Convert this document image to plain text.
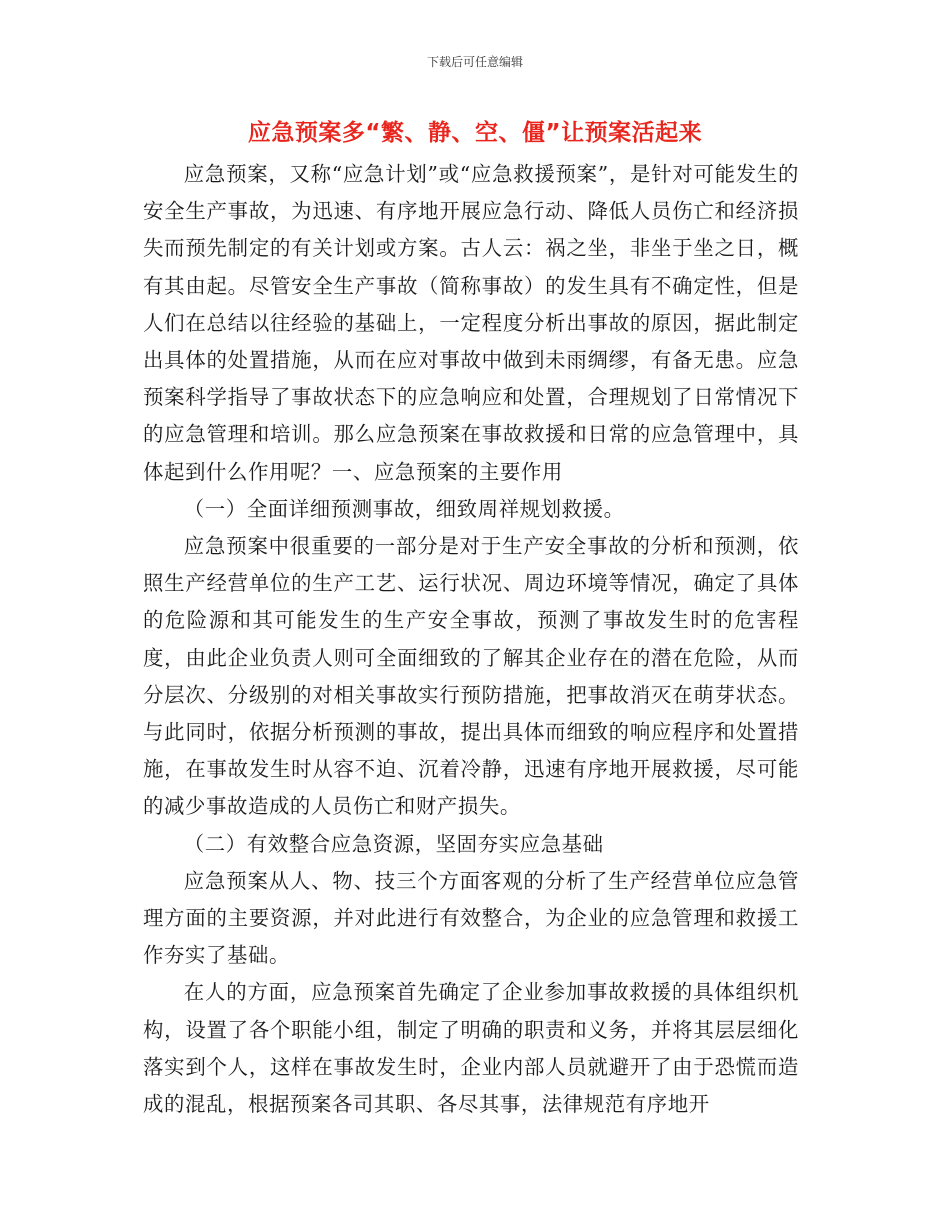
下载后可任意编辑
应急预案多“繁、静、空、僵”让预案活起来

应急预案，又称“应急计划”或“应急救援预案”，是针对可能发生的安全生产事故，为迅速、有序地开展应急行动、降低人员伤亡和经济损失而预先制定的有关计划或方案。古人云：祸之坐，非坐于坐之日，概有其由起。尽管安全生产事故（简称事故）的发生具有不确定性，但是人们在总结以往经验的基础上，一定程度分析出事故的原因，据此制定出具体的处置措施，从而在应对事故中做到未雨绸缪，有备无患。应急预案科学指导了事故状态下的应急响应和处置，合理规划了日常情况下的应急管理和培训。那么应急预案在事故救援和日常的应急管理中，具体起到什么作用呢？一、应急预案的主要作用

（一）全面详细预测事故，细致周祥规划救援。

应急预案中很重要的一部分是对于生产安全事故的分析和预测，依照生产经营单位的生产工艺、运行状况、周边环境等情况，确定了具体的危险源和其可能发生的生产安全事故，预测了事故发生时的危害程度，由此企业负责人则可全面细致的了解其企业存在的潜在危险，从而分层次、分级别的对相关事故实行预防措施，把事故消灭在萌芽状态。与此同时，依据分析预测的事故，提出具体而细致的响应程序和处置措施，在事故发生时从容不迫、沉着冷静，迅速有序地开展救援，尽可能的减少事故造成的人员伤亡和财产损失。

（二）有效整合应急资源，坚固夯实应急基础

应急预案从人、物、技三个方面客观的分析了生产经营单位应急管理方面的主要资源，并对此进行有效整合，为企业的应急管理和救援工作夯实了基础。

在人的方面，应急预案首先确定了企业参加事故救援的具体组织机构，设置了各个职能小组，制定了明确的职责和义务，并将其层层细化落实到个人，这样在事故发生时，企业内部人员就避开了由于恐慌而造成的混乱，根据预案各司其职、各尽其事，法律规范有序地开
